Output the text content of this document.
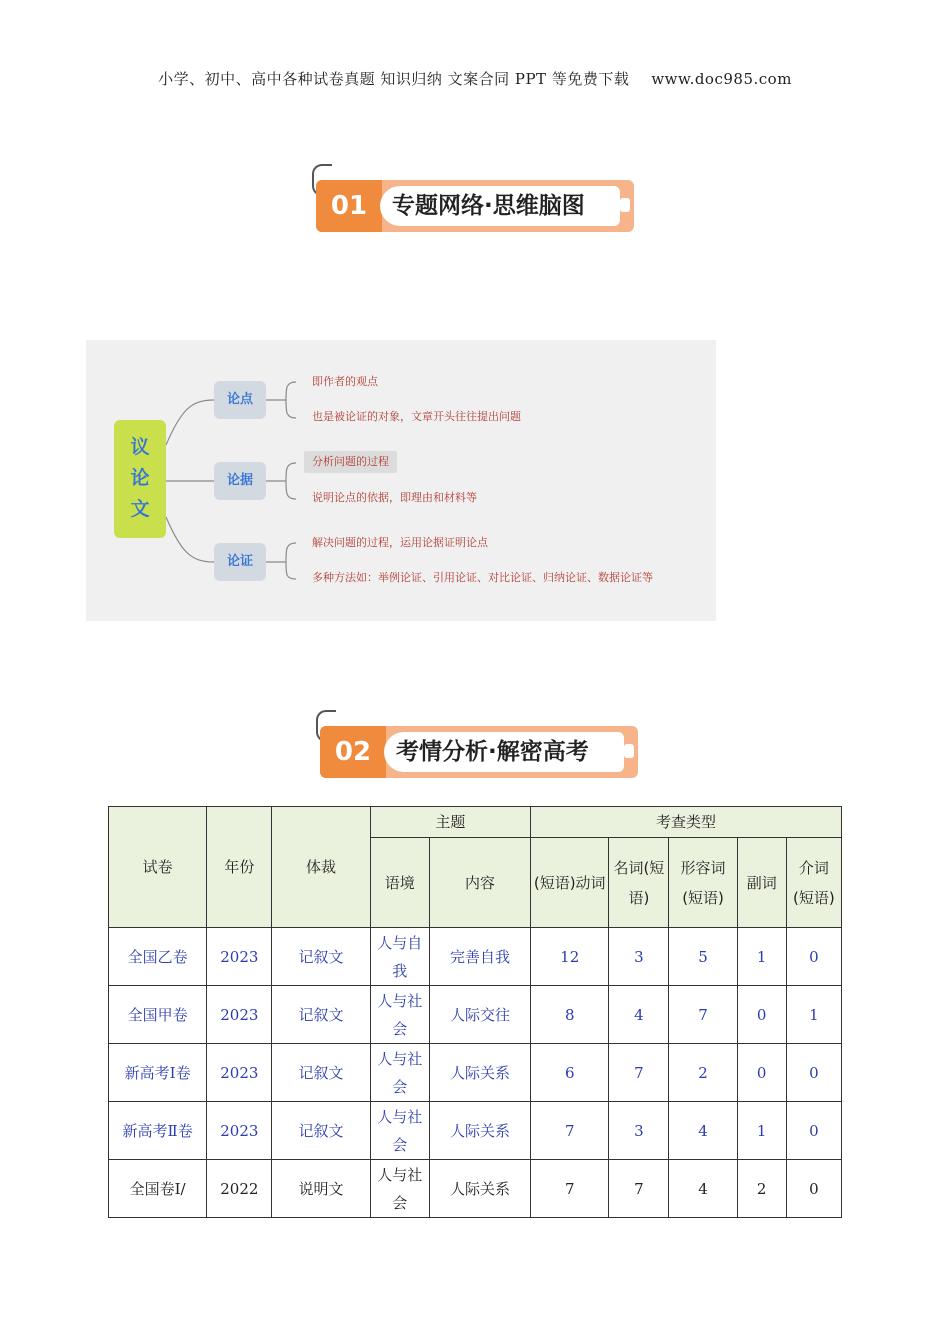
小学、初中、高中各种试卷真题 知识归纳 文案合同 PPT 等免费下载 www.doc985.com
01	专题网络·思维脑图
议
论
文
论点
论据
论证
即作者的观点
也是被论证的对象，文章开头往往提出问题
分析问题的过程
说明论点的依据，即理由和材料等
解决问题的过程，运用论据证明论点
多种方法如：举例论证、引用论证、对比论证、归纳论证、数据论证等
02	考情分析·解密高考
试卷	年份	体裁	主题		考查类型				
			语境	内容	(短语)动词	名词(短语)	形容词(短语)	副词	介词(短语)
全国乙卷	2023	记叙文	人与自我	完善自我	12	3	5	1	0
全国甲卷	2023	记叙文	人与社会	人际交往	8	4	7	0	1
新高考Ⅰ卷	2023	记叙文	人与社会	人际关系	6	7	2	0	0
新高考Ⅱ卷	2023	记叙文	人与社会	人际关系	7	3	4	1	0
全国卷Ⅰ/	2022	说明文	人与社会	人际关系	7	7	4	2	0
